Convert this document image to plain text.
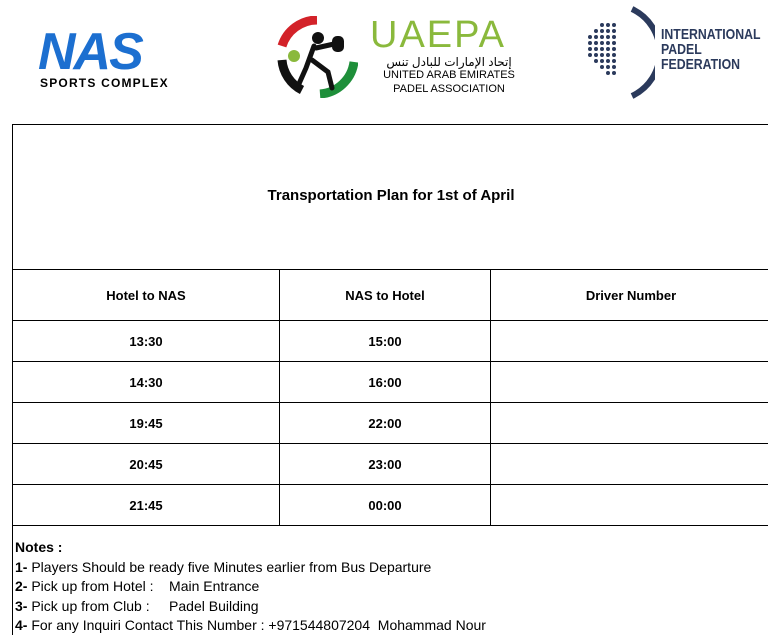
NAS
SPORTS COMPLEX
UAEPA
إتحاد الإمارات للبادل تنس
UNITED ARAB EMIRATES
PADEL ASSOCIATION
INTERNATIONAL
PADEL
FEDERATION
Transportation Plan for 1st of April
Hotel to NAS	NAS to Hotel	Driver Number
13:30	15:00	
14:30	16:00	
19:45	22:00	
20:45	23:00	
21:45	00:00	
Notes :
1- Players Should be ready five Minutes earlier from Bus Departure
2- Pick up from Hotel :    Main Entrance
3- Pick up from Club :     Padel Building
4- For any Inquiri Contact This Number : +971544807204  Mohammad Nour
